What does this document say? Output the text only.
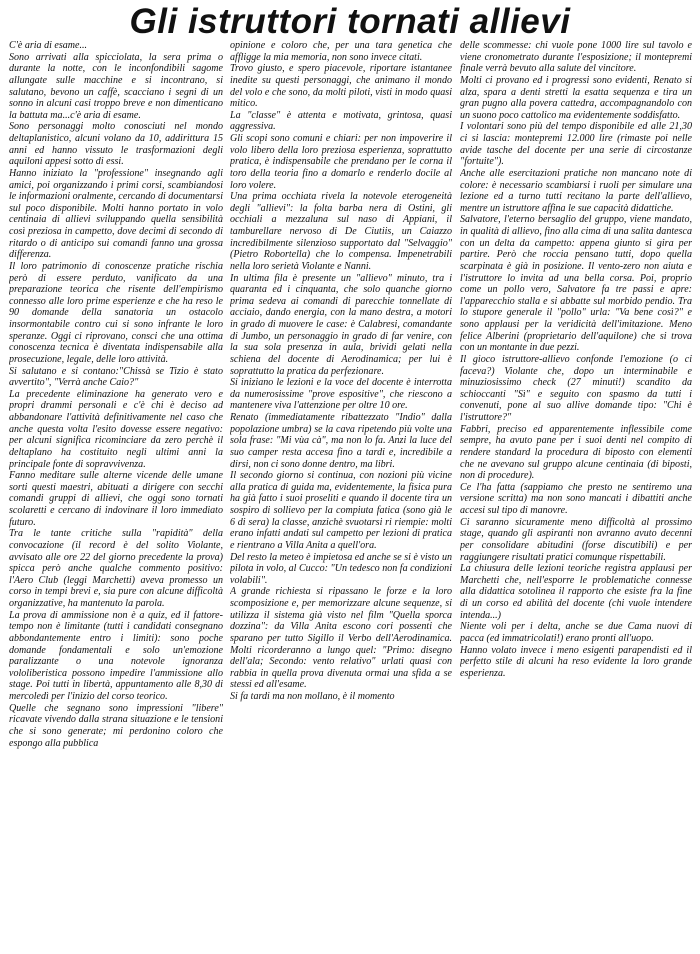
Gli istruttori tornati allievi

C'è aria di esame...

Sono arrivati alla spicciolata, la sera prima o durante la notte, con le inconfondibili sagome allungate sulle macchine e si incontrano, si salutano, bevono un caffè, scacciano i segni di un sonno in alcuni casi troppo breve e non dimenticano la battuta ma...c'è aria di esame.

Sono personaggi molto conosciuti nel mondo deltaplanistico, alcuni volano da 10, addirittura 15 anni ed hanno vissuto le trasformazioni degli aquiloni appesi sotto di essi.

Hanno iniziato la "professione" insegnando agli amici, poi organizzando i primi corsi, scambiandosi le informazioni oralmente, cercando di documentarsi sul poco disponibile. Molti hanno portato in volo centinaia di allievi sviluppando quella sensibilità così preziosa in campetto, dove decimi di secondo di ritardo o di anticipo sui comandi fanno una grossa differenza.

Il loro patrimonio di conoscenze pratiche rischia però di essere perduto, vanificato da una preparazione teorica che risente dell'empirismo connesso alle loro prime esperienze e che ha reso le 90 domande della sanatoria un ostacolo insormontabile contro cui si sono infrante le loro speranze. Oggi ci riprovano, consci che una ottima conoscenza tecnica è diventata indispensabile alla prosecuzione, legale, delle loro attività.

Si salutano e si contano:"Chissà se Tizio è stato avvertito", "Verrà anche Caio?"

La precedente eliminazione ha generato vero e propri drammi personali e c'è chi è deciso ad abbandonare l'attività definitivamente nel caso che anche questa volta l'esito dovesse essere negativo: per alcuni significa ricominciare da zero perchè il deltaplano ha costituito negli ultimi anni la principale fonte di sopravvivenza.

Fanno meditare sulle alterne vicende delle umane sorti questi maestri, abituati a dirigere con secchi comandi gruppi di allievi, che oggi sono tornati scolaretti e cercano di indovinare il loro immediato futuro.

Tra le tante critiche sulla "rapidità" della convocazione (il record è del solito Violante, avvisato alle ore 22 del giorno precedente la prova) spicca però anche qualche commento positivo: l'Aero Club (leggi Marchetti) aveva promesso un corso in tempi brevi e, sia pure con alcune difficoltà organizzative, ha mantenuto la parola.

La prova di ammissione non è a quiz, ed il fattore-tempo non è limitante (tutti i candidati consegnano abbondantemente entro i limiti): sono poche domande fondamentali e solo un'emozione paralizzante o una notevole ignoranza vololiberistica possono impedire l'ammissione allo stage. Poi tutti in libertà, appuntamento alle 8,30 di mercoledì per l'inizio del corso teorico.

Quelle che segnano sono impressioni "libere" ricavate vivendo dalla strana situazione e le tensioni che si sono generate; mi perdonino coloro che espongo alla pubblica

opinione e coloro che, per una tara genetica che affligge la mia memoria, non sono invece citati.

Trovo giusto, e spero piacevole, riportare istantanee inedite su questi personaggi, che animano il mondo del volo e che sono, da molti piloti, visti in modo quasi mitico.

La "classe" è attenta e motivata, grintosa, quasi aggressiva.

Gli scopi sono comuni e chiari: per non impoverire il volo libero della loro preziosa esperienza, soprattutto pratica, è indispensabile che prendano per le corna il toro della teoria fino a domarlo e renderlo docile al loro volere.

Una prima occhiata rivela la notevole eterogeneità degli "allievi": la folta barba nera di Ostini, gli occhiali a mezzaluna sul naso di Appiani, il tamburellare nervoso di De Ciutiis, un Caiazzo incredibilmente silenzioso supportato dal "Selvaggio" (Pietro Robortella) che lo compensa. Impenetrabili nella loro serietà Violante e Nanni.

In ultima fila è presente un "allievo" minuto, tra i quaranta ed i cinquanta, che solo quanche giorno prima sedeva ai comandi di parecchie tonnellate di acciaio, dando energia, con la mano destra, a motori in grado di muovere le case: è Calabresi, comandante di Jumbo, un personaggio in grado di far venire, con la sua sola presenza in aula, brividi gelati nella schiena del docente di Aerodinamica; per lui è soprattutto la pratica da perfezionare.

Si iniziano le lezioni e la voce del docente è interrotta da numerosissime "prove espositive", che riescono a mantenere viva l'attenzione per oltre 10 ore.

Renato (immediatamente ribattezzato "Indio" dalla popolazione umbra) se la cava ripetendo più volte una sola frase: "Mi vùa cà", ma non lo fa. Anzi la luce del suo camper resta accesa fino a tardi e, incredibile a dirsi, non ci sono donne dentro, ma libri.

Il secondo giorno si continua, con nozioni più vicine alla pratica di guida ma, evidentemente, la fisica pura ha già fatto i suoi proseliti e quando il docente tira un sospiro di sollievo per la compiuta fatica (sono già le 6 di sera) la classe, anzichè svuotarsi ri riempie: molti erano infatti andati sul campetto per lezioni di pratica e rientrano a Villa Anita a quell'ora.

Del resto la meteo è impietosa ed anche se si è visto un pilota in volo, al Cucco: "Un tedesco non fa condizioni volabili".

A grande richiesta si ripassano le forze e la loro scomposizione e, per memorizzare alcune sequenze, si utilizza il sistema già visto nel film "Quella sporca dozzina": da Villa Anita escono cori possenti che sparano per tutto Sigillo il Verbo dell'Aerodinamica. Molti ricorderanno a lungo quel: "Primo: disegno dell'ala; Secondo: vento relativo" urlati quasi con rabbia in quella prova divenuta ormai una sfida a se stessi ed all'esame.

Si fa tardi ma non mollano, è il momento

delle scommesse: chi vuole pone 1000 lire sul tavolo e viene cronometrato durante l'esposizione; il montepremi finale verrà bevuto alla salute del vincitore.

Molti ci provano ed i progressi sono evidenti, Renato si alza, spara a denti stretti la esatta sequenza e tira un gran pugno alla povera cattedra, accompagnandolo con un suono poco cattolico ma evidentemente soddisfatto.

I volontari sono più del tempo disponibile ed alle 21,30 ci si lascia: montepremi 12.000 lire (rimaste poi nelle avide tasche del docente per una serie di circostanze "fortuite").

Anche alle esercitazioni pratiche non mancano note di colore: è necessario scambiarsi i ruoli per simulare una lezione ed a turno tutti recitano la parte dell'allievo, mentre un istruttore affina le sue capacità didattiche.

Salvatore, l'eterno bersaglio del gruppo, viene mandato, in qualità di allievo, fino alla cima di una salita dantesca con un delta da campetto: appena giunto si gira per partire. Però che roccia pensano tutti, dopo quella scarpinata è già in posizione. Il vento-zero non aiuta e l'istruttore lo invita ad una bella corsa. Poi, proprio come un pollo vero, Salvatore fa tre passi e apre: l'apparecchio stalla e si abbatte sul morbido pendio. Tra lo stupore generale il "pollo" urla: "Va bene così?" e sono applausi per la veridicità dell'imitazione. Meno felice Alberini (proprietario dell'aquilone) che si trova con un montante in due pezzi.

Il gioco istruttore-allievo confonde l'emozione (o ci faceva?) Violante che, dopo un interminabile e minuziosissimo check (27 minuti!) scandito da schioccanti "Sì" e seguito con spasmo da tutti i convenuti, pone al suo allive domande tipo: "Chi è l'istruttore?"

Fabbri, preciso ed apparentemente inflessibile come sempre, ha avuto pane per i suoi denti nel compito di rendere standard la procedura di biposto con elementi che ne avevano sul gruppo alcune centinaia (di biposti, non di procedure).

Ce l'ha fatta (sappiamo che presto ne sentiremo una versione scritta) ma non sono mancati i dibattiti anche accesi sul tipo di manovre.

Ci saranno sicuramente meno difficoltà al prossimo stage, quando gli aspiranti non avranno avuto decenni per consolidare abitudini (forse discutibili) e per raggiungere risultati pratici comunque rispettabili.

La chiusura delle lezioni teoriche registra applausi per Marchetti che, nell'esporre le problematiche connesse alla didattica sotolinea il rapporto che esiste fra la fine di un corso ed abilità del docente (chi vuole intendere intenda...)

Niente voli per i delta, anche se due Cama nuovi di pacca (ed immatricolati!) erano pronti all'uopo.

Hanno volato invece i meno esigenti parapendisti ed il perfetto stile di alcuni ha reso evidente la loro grande esperienza.
